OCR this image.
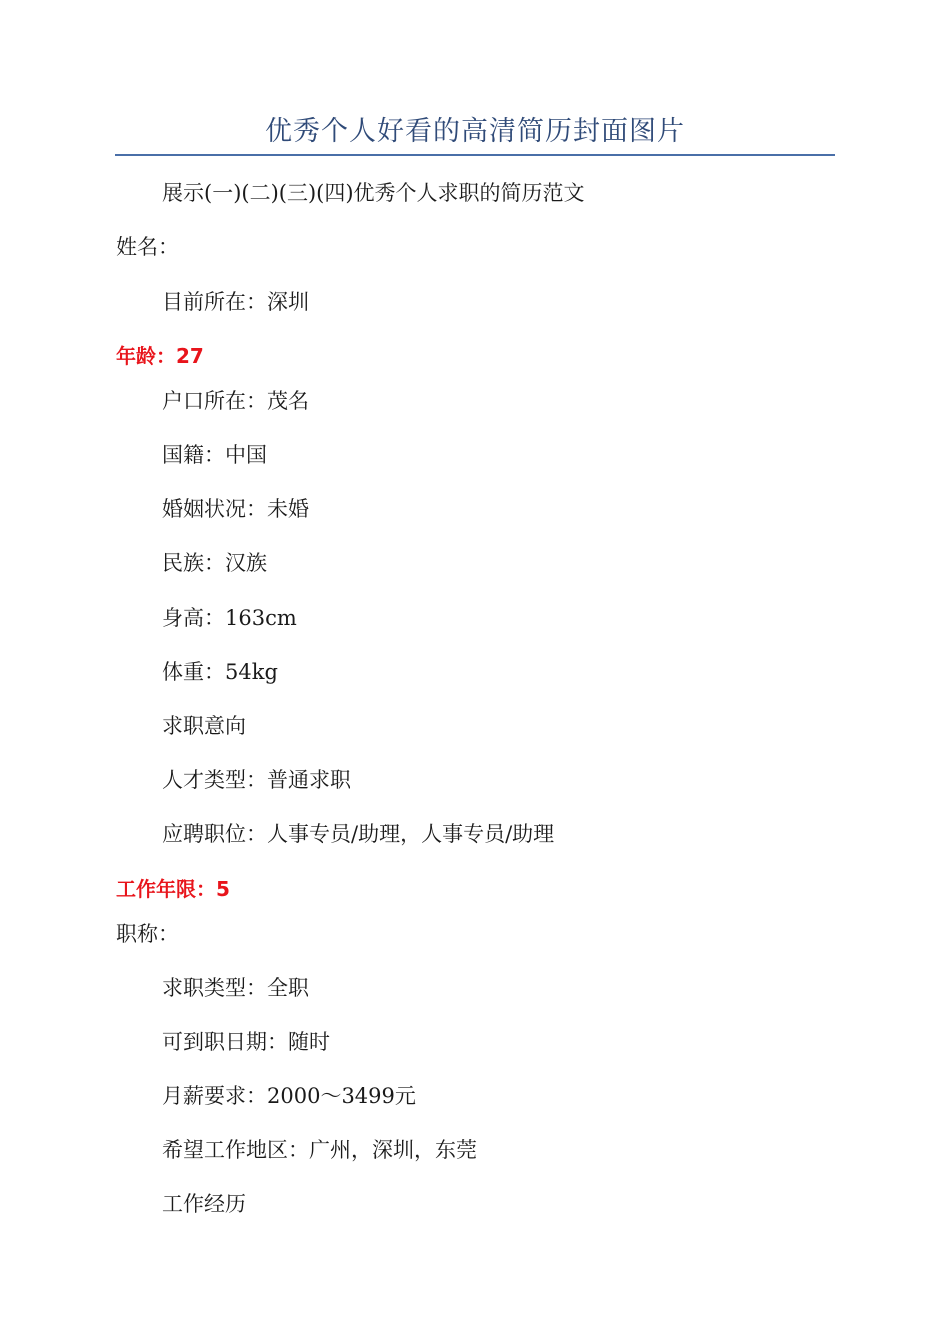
优秀个人好看的高清简历封面图片
展示(一)(二)(三)(四)优秀个人求职的简历范文
姓名：
目前所在：深圳
年龄：27
户口所在：茂名
国籍：中国
婚姻状况：未婚
民族：汉族
身高：163cm
体重：54kg
求职意向
人才类型：普通求职
应聘职位：人事专员/助理，人事专员/助理
工作年限：5
职称：
求职类型：全职
可到职日期：随时
月薪要求：2000～3499元
希望工作地区：广州，深圳，东莞
工作经历
